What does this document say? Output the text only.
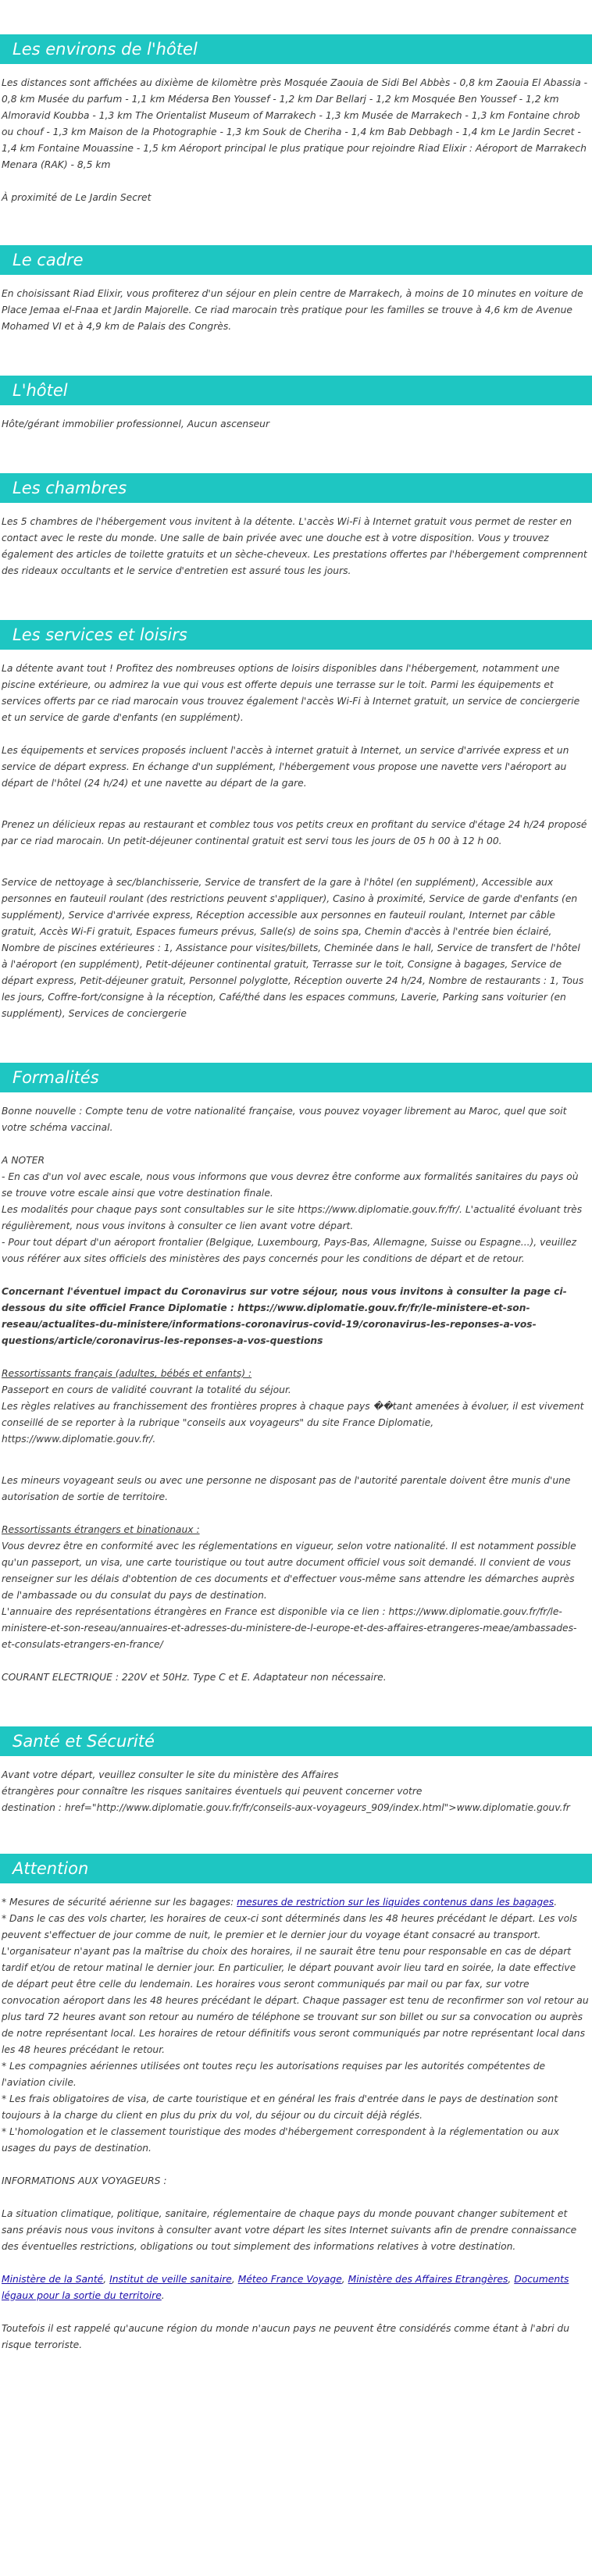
Les environs de l'hôtel
Les distances sont affichées au dixième de kilomètre près Mosquée Zaouia de Sidi Bel Abbès - 0,8 km Zaouia El Abassia - 0,8 km Musée du parfum - 1,1 km Médersa Ben Youssef - 1,2 km Dar Bellarj - 1,2 km Mosquée Ben Youssef - 1,2 km Almoravid Koubba - 1,3 km The Orientalist Museum of Marrakech - 1,3 km Musée de Marrakech - 1,3 km Fontaine chrob ou chouf - 1,3 km Maison de la Photographie - 1,3 km Souk de Cheriha - 1,4 km Bab Debbagh - 1,4 km Le Jardin Secret - 1,4 km Fontaine Mouassine - 1,5 km Aéroport principal le plus pratique pour rejoindre Riad Elixir : Aéroport de Marrakech Menara (RAK) - 8,5 km
À proximité de Le Jardin Secret
Le cadre
En choisissant Riad Elixir, vous profiterez d'un séjour en plein centre de Marrakech, à moins de 10 minutes en voiture de Place Jemaa el-Fnaa et Jardin Majorelle. Ce riad marocain très pratique pour les familles se trouve à 4,6 km de Avenue Mohamed VI et à 4,9 km de Palais des Congrès.
L'hôtel
Hôte/gérant immobilier professionnel, Aucun ascenseur
Les chambres
Les 5 chambres de l'hébergement vous invitent à la détente. L'accès Wi-Fi à Internet gratuit vous permet de rester en contact avec le reste du monde. Une salle de bain privée avec une douche est à votre disposition. Vous y trouvez également des articles de toilette gratuits et un sèche-cheveux. Les prestations offertes par l'hébergement comprennent des rideaux occultants et le service d'entretien est assuré tous les jours.
Les services et loisirs
La détente avant tout ! Profitez des nombreuses options de loisirs disponibles dans l'hébergement, notamment une piscine extérieure, ou admirez la vue qui vous est offerte depuis une terrasse sur le toit. Parmi les équipements et services offerts par ce riad marocain vous trouvez également l'accès Wi-Fi à Internet gratuit, un service de conciergerie et un service de garde d'enfants (en supplément).
Les équipements et services proposés incluent l'accès à internet gratuit à Internet, un service d'arrivée express et un service de départ express. En échange d'un supplément, l'hébergement vous propose une navette vers l'aéroport au départ de l'hôtel (24 h/24) et une navette au départ de la gare.
Prenez un délicieux repas au restaurant et comblez tous vos petits creux en profitant du service d'étage 24 h/24 proposé par ce riad marocain. Un petit-déjeuner continental gratuit est servi tous les jours de 05 h 00 à 12 h 00.
Service de nettoyage à sec/blanchisserie, Service de transfert de la gare à l'hôtel (en supplément), Accessible aux personnes en fauteuil roulant (des restrictions peuvent s'appliquer), Casino à proximité, Service de garde d'enfants (en supplément), Service d'arrivée express, Réception accessible aux personnes en fauteuil roulant, Internet par câble gratuit, Accès Wi-Fi gratuit, Espaces fumeurs prévus, Salle(s) de soins spa, Chemin d'accès à l'entrée bien éclairé, Nombre de piscines extérieures : 1, Assistance pour visites/billets, Cheminée dans le hall, Service de transfert de l'hôtel à l'aéroport (en supplément), Petit-déjeuner continental gratuit, Terrasse sur le toit, Consigne à bagages, Service de départ express, Petit-déjeuner gratuit, Personnel polyglotte, Réception ouverte 24 h/24, Nombre de restaurants : 1, Tous les jours, Coffre-fort/consigne à la réception, Café/thé dans les espaces communs, Laverie, Parking sans voiturier (en supplément), Services de conciergerie
Formalités
Bonne nouvelle : Compte tenu de votre nationalité française, vous pouvez voyager librement au Maroc, quel que soit votre schéma vaccinal.
A NOTER
- En cas d'un vol avec escale, nous vous informons que vous devrez être conforme aux formalités sanitaires du pays où se trouve votre escale ainsi que votre destination finale.
Les modalités pour chaque pays sont consultables sur le site https://www.diplomatie.gouv.fr/fr/. L'actualité évoluant très régulièrement, nous vous invitons à consulter ce lien avant votre départ.
- Pour tout départ d'un aéroport frontalier (Belgique, Luxembourg, Pays-Bas, Allemagne, Suisse ou Espagne...), veuillez vous référer aux sites officiels des ministères des pays concernés pour les conditions de départ et de retour.
Concernant l'éventuel impact du Coronavirus sur votre séjour, nous vous invitons à consulter la page ci-dessous du site officiel France Diplomatie : https://www.diplomatie.gouv.fr/fr/le-ministere-et-son-reseau/actualites-du-ministere/informations-coronavirus-covid-19/coronavirus-les-reponses-a-vos-questions/article/coronavirus-les-reponses-a-vos-questions
Ressortissants français (adultes, bébés et enfants) :
Passeport en cours de validité couvrant la totalité du séjour.
Les règles relatives au franchissement des frontières propres à chaque pays ��tant amenées à évoluer, il est vivement conseillé de se reporter à la rubrique "conseils aux voyageurs" du site France Diplomatie, https://www.diplomatie.gouv.fr/.
Les mineurs voyageant seuls ou avec une personne ne disposant pas de l'autorité parentale doivent être munis d'une autorisation de sortie de territoire.
Ressortissants étrangers et binationaux :
Vous devrez être en conformité avec les réglementations en vigueur, selon votre nationalité. Il est notamment possible qu'un passeport, un visa, une carte touristique ou tout autre document officiel vous soit demandé. Il convient de vous renseigner sur les délais d'obtention de ces documents et d'effectuer vous-même sans attendre les démarches auprès de l'ambassade ou du consulat du pays de destination.
L'annuaire des représentations étrangères en France est disponible via ce lien : https://www.diplomatie.gouv.fr/fr/le-ministere-et-son-reseau/annuaires-et-adresses-du-ministere-de-l-europe-et-des-affaires-etrangeres-meae/ambassades-et-consulats-etrangers-en-france/
COURANT ELECTRIQUE : 220V et 50Hz. Type C et E. Adaptateur non nécessaire.
Santé et Sécurité
Avant votre départ, veuillez consulter le site du ministère des Affaires
étrangères pour connaître les risques sanitaires éventuels qui peuvent concerner votre
destination : href="http://www.diplomatie.gouv.fr/fr/conseils-aux-voyageurs_909/index.html">www.diplomatie.gouv.fr
Attention
* Mesures de sécurité aérienne sur les bagages: mesures de restriction sur les liquides contenus dans les bagages.
* Dans le cas des vols charter, les horaires de ceux-ci sont déterminés dans les 48 heures précédant le départ. Les vols peuvent s'effectuer de jour comme de nuit, le premier et le dernier jour du voyage étant consacré au transport. L'organisateur n'ayant pas la maîtrise du choix des horaires, il ne saurait être tenu pour responsable en cas de départ tardif et/ou de retour matinal le dernier jour. En particulier, le départ pouvant avoir lieu tard en soirée, la date effective de départ peut être celle du lendemain. Les horaires vous seront communiqués par mail ou par fax, sur votre convocation aéroport dans les 48 heures précédant le départ. Chaque passager est tenu de reconfirmer son vol retour au plus tard 72 heures avant son retour au numéro de téléphone se trouvant sur son billet ou sur sa convocation ou auprès de notre représentant local. Les horaires de retour définitifs vous seront communiqués par notre représentant local dans les 48 heures précédant le retour.
* Les compagnies aériennes utilisées ont toutes reçu les autorisations requises par les autorités compétentes de l'aviation civile.
* Les frais obligatoires de visa, de carte touristique et en général les frais d'entrée dans le pays de destination sont toujours à la charge du client en plus du prix du vol, du séjour ou du circuit déjà réglés.
* L'homologation et le classement touristique des modes d'hébergement correspondent à la réglementation ou aux usages du pays de destination.
INFORMATIONS AUX VOYAGEURS :
La situation climatique, politique, sanitaire, réglementaire de chaque pays du monde pouvant changer subitement et sans préavis nous vous invitons à consulter avant votre départ les sites Internet suivants afin de prendre connaissance des éventuelles restrictions, obligations ou tout simplement des informations relatives à votre destination.
Ministère de la Santé, Institut de veille sanitaire, Méteo France Voyage, Ministère des Affaires Etrangères, Documents légaux pour la sortie du territoire.
Toutefois il est rappelé qu'aucune région du monde n'aucun pays ne peuvent être considérés comme étant à l'abri du risque terroriste.
